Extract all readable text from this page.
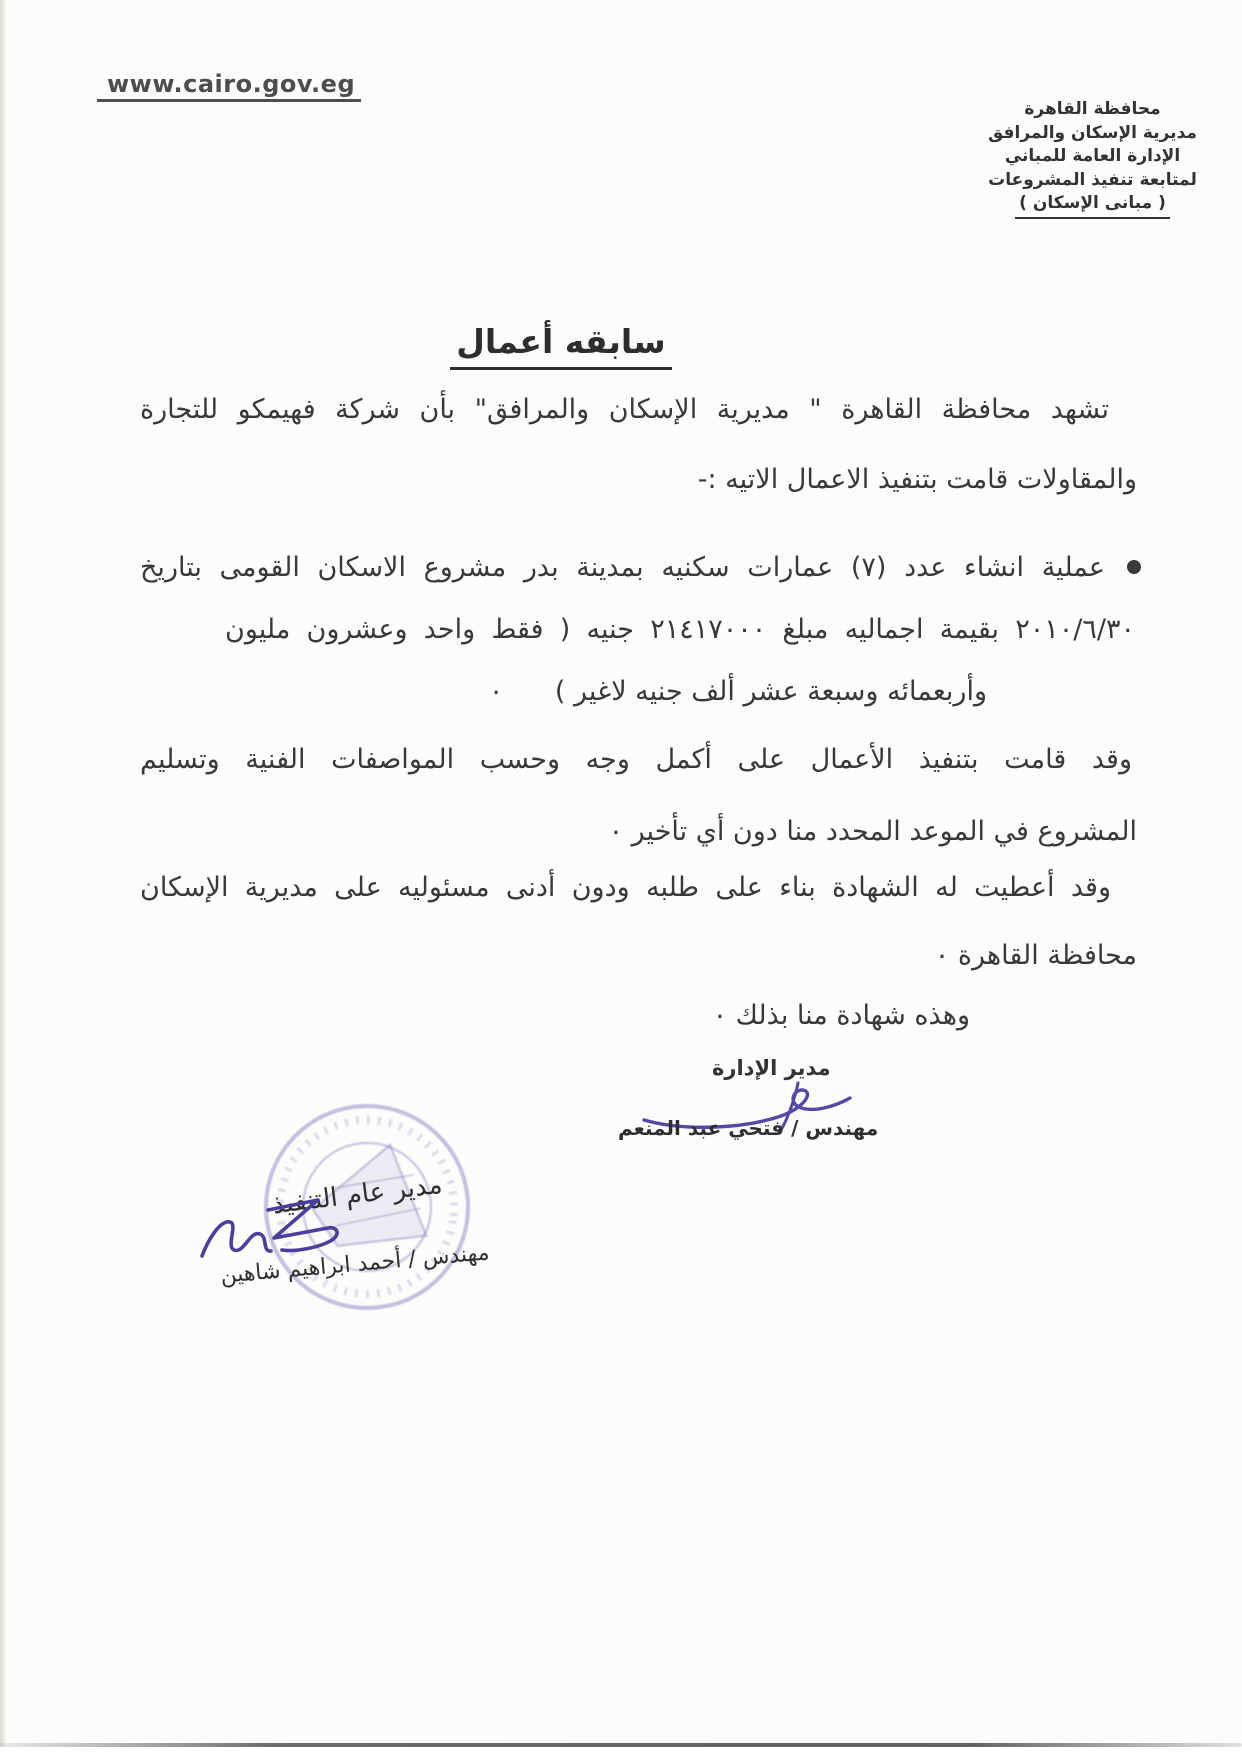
www.cairo.gov.eg
محافظة القاهرة
مديرية الإسكان والمرافق
الإدارة العامة للمباني
لمتابعة تنفيذ المشروعات
( مبانى الإسكان )
سابقه أعمال
تشهد محافظة القاهرة " مديرية الإسكان والمرافق" بأن شركة فهيمكو للتجارة
والمقاولات قامت بتنفيذ الاعمال الاتيه :-
عملية انشاء عدد (٧) عمارات سكنيه بمدينة بدر مشروع الاسكان القومى بتاريخ
٢٠١٠/٦/٣٠ بقيمة اجماليه مبلغ ٢١٤١٧٠٠٠ جنيه ( فقط واحد وعشرون مليون
وأربعمائه وسبعة عشر ألف جنيه لاغير )      ٠
وقد قامت بتنفيذ الأعمال على أكمل وجه وحسب المواصفات الفنية وتسليم
المشروع في الموعد المحدد منا دون أي تأخير ٠
وقد أعطيت له الشهادة بناء على طلبه ودون أدنى مسئوليه على مديرية الإسكان
محافظة القاهرة ٠
وهذه شهادة منا بذلك ٠
مدير الإدارة
مهندس / فتحي عبد المنعم
مدير عام التنفيذ
مهندس / أحمد ابراهيم شاهين
